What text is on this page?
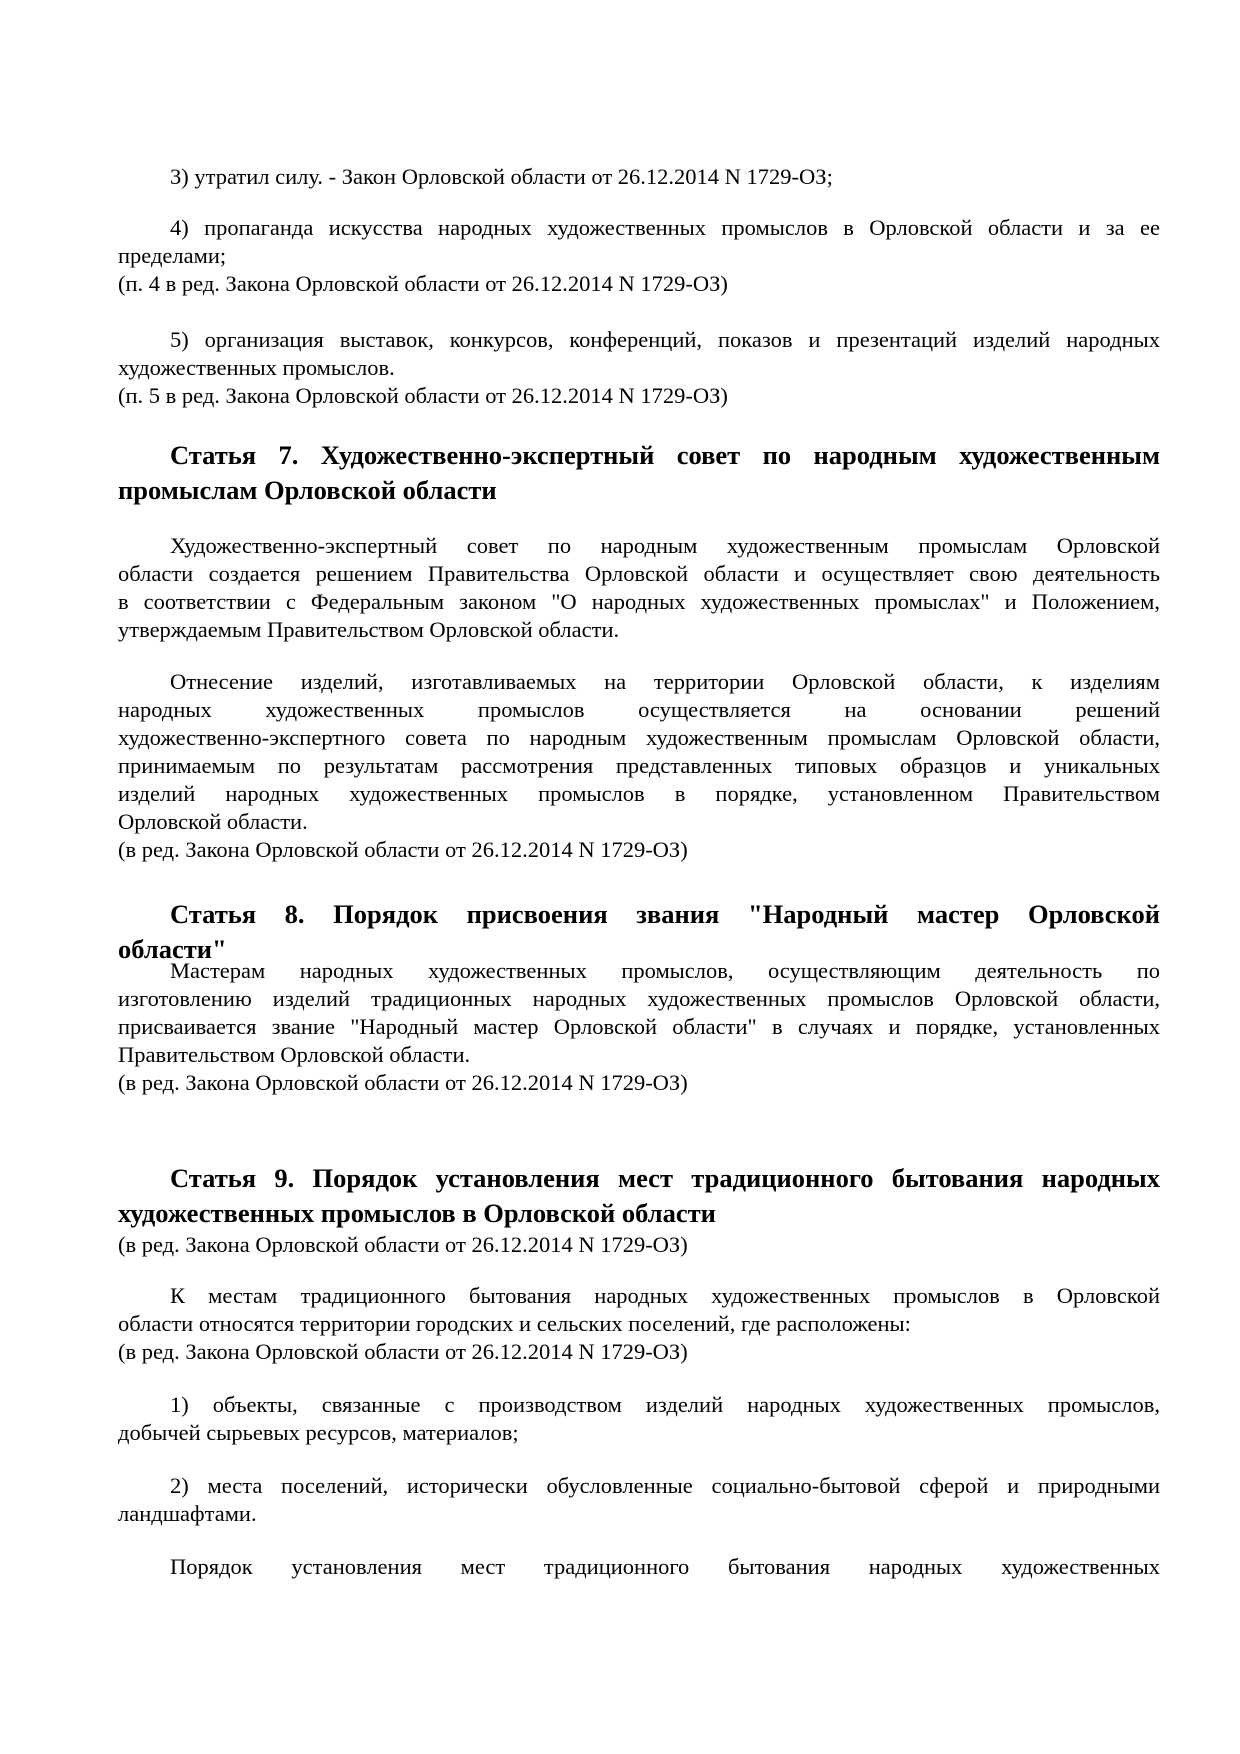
3) утратил силу. - Закон Орловской области от 26.12.2014 N 1729-ОЗ;
4) пропаганда искусства народных художественных промыслов в Орловской области и за ее
пределами;
(п. 4 в ред. Закона Орловской области от 26.12.2014 N 1729-ОЗ)
5) организация выставок, конкурсов, конференций, показов и презентаций изделий народных
художественных промыслов.
(п. 5 в ред. Закона Орловской области от 26.12.2014 N 1729-ОЗ)
Статья 7. Художественно-экспертный совет по народным художественным
промыслам Орловской области
Художественно-экспертный совет по народным художественным промыслам Орловской
области создается решением Правительства Орловской области и осуществляет свою деятельность
в соответствии с Федеральным законом "О народных художественных промыслах" и Положением,
утверждаемым Правительством Орловской области.
Отнесение изделий, изготавливаемых на территории Орловской области, к изделиям
народных художественных промыслов осуществляется на основании решений
художественно-экспертного совета по народным художественным промыслам Орловской области,
принимаемым по результатам рассмотрения представленных типовых образцов и уникальных
изделий народных художественных промыслов в порядке, установленном Правительством
Орловской области.
(в ред. Закона Орловской области от 26.12.2014 N 1729-ОЗ)
Статья 8. Порядок присвоения звания "Народный мастер Орловской
области"
Мастерам народных художественных промыслов, осуществляющим деятельность по
изготовлению изделий традиционных народных художественных промыслов Орловской области,
присваивается звание "Народный мастер Орловской области" в случаях и порядке, установленных
Правительством Орловской области.
(в ред. Закона Орловской области от 26.12.2014 N 1729-ОЗ)
Статья 9. Порядок установления мест традиционного бытования народных
художественных промыслов в Орловской области
(в ред. Закона Орловской области от 26.12.2014 N 1729-ОЗ)
К местам традиционного бытования народных художественных промыслов в Орловской
области относятся территории городских и сельских поселений, где расположены:
(в ред. Закона Орловской области от 26.12.2014 N 1729-ОЗ)
1) объекты, связанные с производством изделий народных художественных промыслов,
добычей сырьевых ресурсов, материалов;
2) места поселений, исторически обусловленные социально-бытовой сферой и природными
ландшафтами.
Порядок установления мест традиционного бытования народных художественных
